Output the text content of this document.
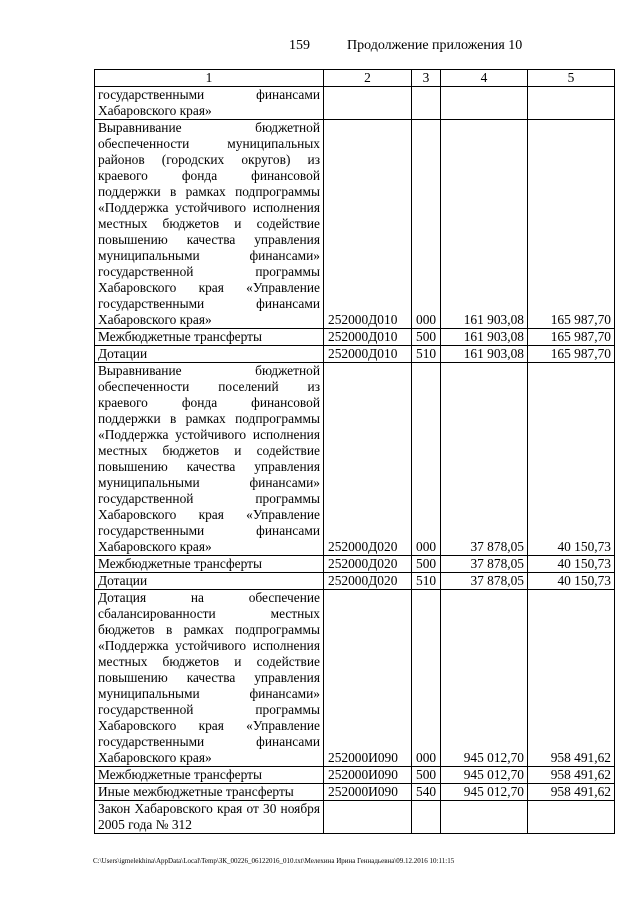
159	Продолжение приложения 10
1	2	3	4	5
государственными финансами Хабаровского края»				
Выравнивание бюджетной обеспеченности муниципальных районов (городских округов) из краевого фонда финансовой поддержки в рамках подпрограммы «Поддержка устойчивого исполнения местных бюджетов и содействие повышению качества управления муниципальными финансами» государственной программы Хабаровского края «Управление государственными финансами Хабаровского края»	252000Д010	000	161 903,08	165 987,70
Межбюджетные трансферты	252000Д010	500	161 903,08	165 987,70
Дотации	252000Д010	510	161 903,08	165 987,70
Выравнивание бюджетной обеспеченности поселений из краевого фонда финансовой поддержки в рамках подпрограммы «Поддержка устойчивого исполнения местных бюджетов и содействие повышению качества управления муниципальными финансами» государственной программы Хабаровского края «Управление государственными финансами Хабаровского края»	252000Д020	000	37 878,05	40 150,73
Межбюджетные трансферты	252000Д020	500	37 878,05	40 150,73
Дотации	252000Д020	510	37 878,05	40 150,73
Дотация на обеспечение сбалансированности местных бюджетов в рамках подпрограммы «Поддержка устойчивого исполнения местных бюджетов и содействие повышению качества управления муниципальными финансами» государственной программы Хабаровского края «Управление государственными финансами Хабаровского края»	252000И090	000	945 012,70	958 491,62
Межбюджетные трансферты	252000И090	500	945 012,70	958 491,62
Иные межбюджетные трансферты	252000И090	540	945 012,70	958 491,62
Закон Хабаровского края от 30 ноября 2005 года № 312				
C:\Users\igmelekhina\AppData\Local\Temp\ЗК_00226_06122016_010.txt\Мелехина Ирина Геннадьевна\09.12.2016 10:11:15
